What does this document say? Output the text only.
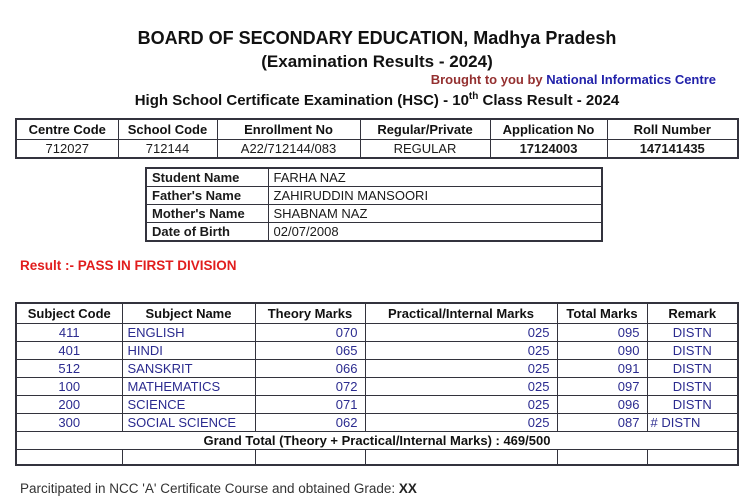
BOARD OF SECONDARY EDUCATION, Madhya Pradesh
(Examination Results - 2024)
Brought to you by National Informatics Centre
High School Certificate Examination (HSC) - 10th Class Result - 2024
Centre Code	School Code	Enrollment No	Regular/Private	Application No	Roll Number
712027	712144	A22/712144/083	REGULAR	17124003	147141435
Student Name	FARHA NAZ
Father's Name	ZAHIRUDDIN MANSOORI
Mother's Name	SHABNAM NAZ
Date of Birth	02/07/2008
Result :- PASS IN FIRST DIVISION
Subject Code	Subject Name	Theory Marks	Practical/Internal Marks	Total Marks	Remark
411	ENGLISH	070	025	095	DISTN
401	HINDI	065	025	090	DISTN
512	SANSKRIT	066	025	091	DISTN
100	MATHEMATICS	072	025	097	DISTN
200	SCIENCE	071	025	096	DISTN
300	SOCIAL SCIENCE	062	025	087	# DISTN
Grand Total (Theory + Practical/Internal Marks) : 469/500					

Parcitipated in NCC 'A' Certificate Course and obtained Grade: XX
